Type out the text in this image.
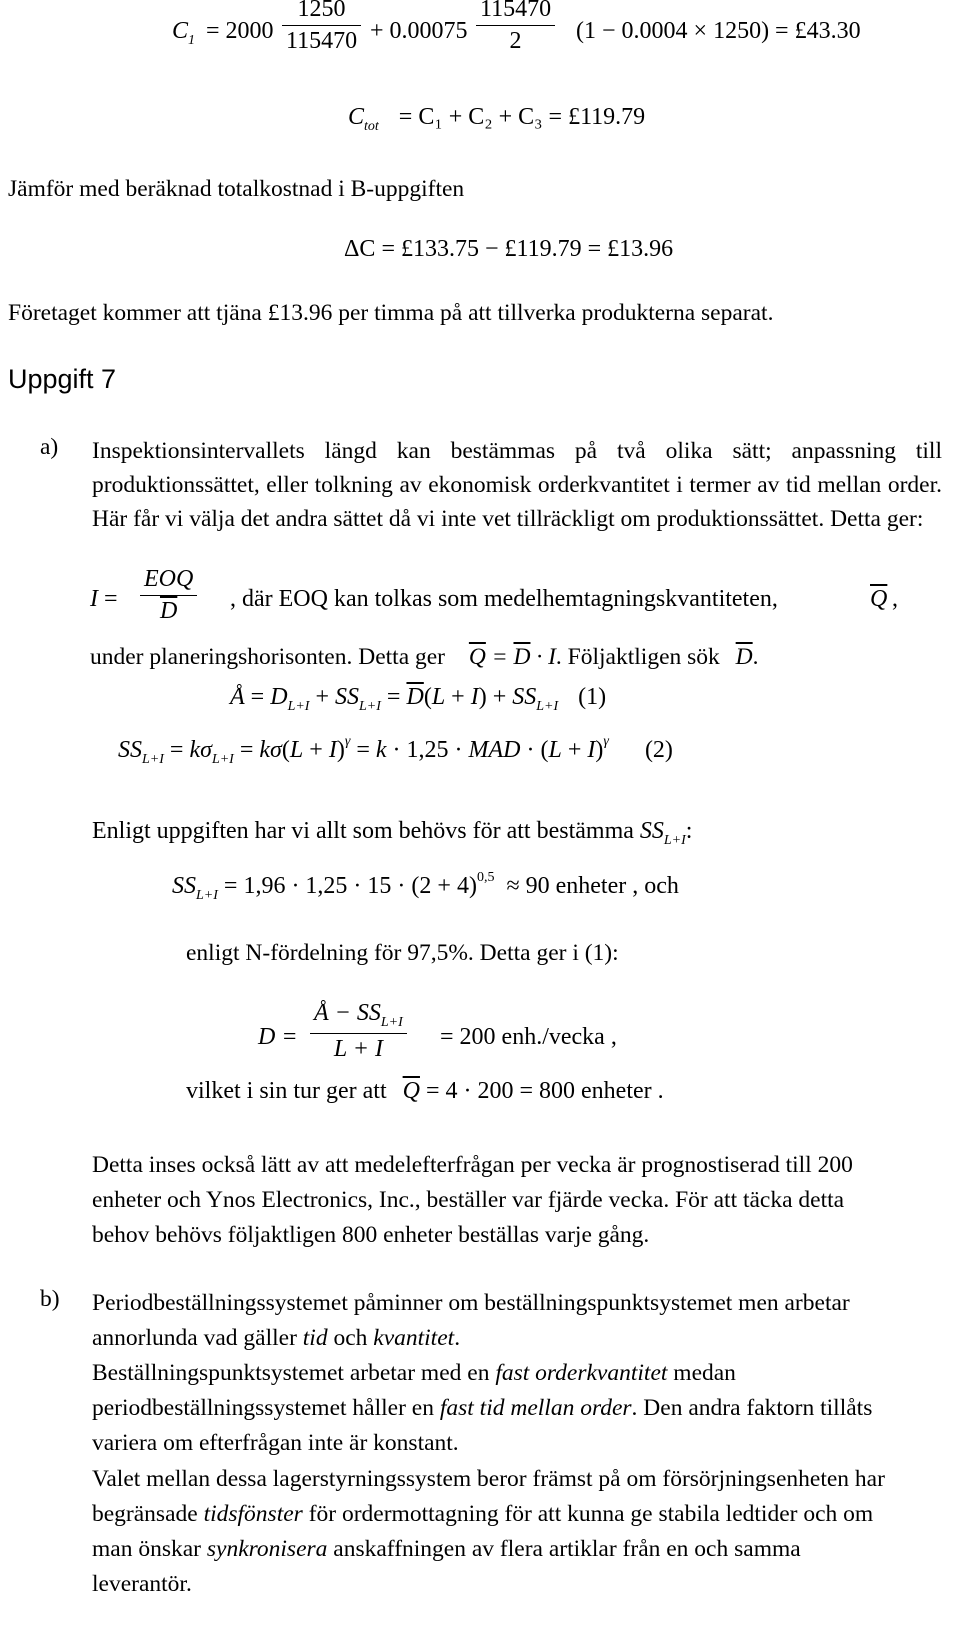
$C_1 = 2000 \frac{1250}{115470} + 0.00075 \frac{115470}{2} (1 - 0.0004 \times 1250)$ = £43.30
$C_{tot} = C_1 + C_2 + C_3$ = £119.79
Jämför med beräknad totalkostnad i B-uppgiften
ΔC = £133.75 − £119.79 = £13.96
Företaget kommer att tjäna £13.96 per timma på att tillverka produkterna separat.
Uppgift 7
a) Inspektionsintervallets längd kan bestämmas på två olika sätt; anpassning till produktionssättet, eller tolkning av ekonomisk orderkvantitet i termer av tid mellan order. Här får vi välja det andra sättet då vi inte vet tillräckligt om produktionssättet. Detta ger:
I =
EOQ
$\overline{D}$	, där EOQ kan tolkas som medelhemtagningskvantiteten,	$\overline{Q}$ ,
under planeringshorisonten. Detta ger $\overline{Q} = \overline{D} \cdot I$. Följaktligen sök $\overline{D}$.
Å = $D_{L+I} + SS_{L+I} = \overline{D}(L + I) + SS_{L+I}$ (1)
$SS_{L+I} = k\sigma_{L+I} = k\sigma(L + I)^\gamma = k \cdot 1,25$ · MAD · $(L + I)^\gamma$ (2)
Enligt uppgiften har vi allt som behövs för att bestämma $SS_{L+I}$:
$SS_{L+I} = 1,96 \cdot 1,25 \cdot 15 \cdot (2 + 4)^{0,5} \approx 90$ enheter , och
enligt N-fördelning för 97,5%. Detta ger i (1):
D =
Å − $SS_{L+I}$
L + I	= 200 enh./vecka ,
vilket i sin tur ger att $\overline{Q} = 4 \cdot 200 = 800$ enheter .
Detta inses också lätt av att medelefterfrågan per vecka är prognostiserad till 200 enheter och Ynos Electronics, Inc., beställer var fjärde vecka. För att täcka detta behov behövs följaktligen 800 enheter beställas varje gång.
b) Periodbeställningssystemet påminner om beställningspunktsystemet men arbetar annorlunda vad gäller tid och kvantitet.
Beställningspunktsystemet arbetar med en fast orderkvantitet medan periodbeställningssystemet håller en fast tid mellan order. Den andra faktorn tillåts variera om efterfrågan inte är konstant.
Valet mellan dessa lagerstyrningssystem beror främst på om försörjningsenheten har begränsade tidsfönster för ordermottagning för att kunna ge stabila ledtider och om man önskar synkronisera anskaffningen av flera artiklar från en och samma leverantör.
